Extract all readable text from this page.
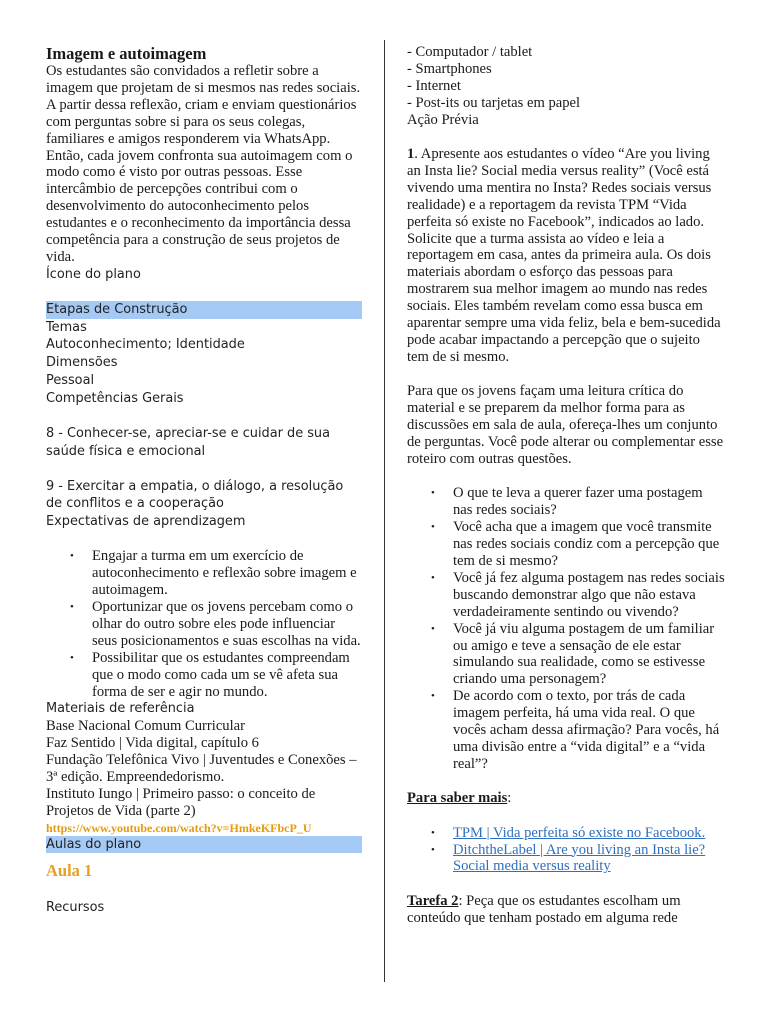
Imagem e autoimagem

Os estudantes são convidados a refletir sobre a imagem que projetam de si mesmos nas redes sociais. A partir dessa reflexão, criam e enviam questionários com perguntas sobre si para os seus colegas, familiares e amigos responderem via WhatsApp. Então, cada jovem confronta sua autoimagem com o modo como é visto por outras pessoas. Esse intercâmbio de percepções contribui com o desenvolvimento do autoconhecimento pelos estudantes e o reconhecimento da importância dessa competência para a construção de seus projetos de vida.

Ícone do plano

Etapas de Construção

Temas

Autoconhecimento; Identidade

Dimensões

Pessoal

Competências Gerais

8 - Conhecer-se, apreciar-se e cuidar de sua saúde física e emocional

9 - Exercitar a empatia, o diálogo, a resolução de conflitos e a cooperação

Expectativas de aprendizagem

• Engajar a turma em um exercício de autoconhecimento e reflexão sobre imagem e autoimagem.
• Oportunizar que os jovens percebam como o olhar do outro sobre eles pode influenciar seus posicionamentos e suas escolhas na vida.
• Possibilitar que os estudantes compreendam que o modo como cada um se vê afeta sua forma de ser e agir no mundo.

Materiais de referência

Base Nacional Comum Curricular

Faz Sentido | Vida digital, capítulo 6

Fundação Telefônica Vivo | Juventudes e Conexões – 3ª edição. Empreendedorismo.

Instituto Iungo | Primeiro passo: o conceito de Projetos de Vida (parte 2)

https://www.youtube.com/watch?v=HmkeKFbcP_U

Aulas do plano

Aula 1

Recursos

- Computador / tablet

- Smartphones

- Internet

- Post-its ou tarjetas em papel

Ação Prévia

1. Apresente aos estudantes o vídeo “Are you living an Insta lie? Social media versus reality” (Você está vivendo uma mentira no Insta? Redes sociais versus realidade) e a reportagem da revista TPM “Vida perfeita só existe no Facebook”, indicados ao lado. Solicite que a turma assista ao vídeo e leia a reportagem em casa, antes da primeira aula. Os dois materiais abordam o esforço das pessoas para mostrarem sua melhor imagem ao mundo nas redes sociais. Eles também revelam como essa busca em aparentar sempre uma vida feliz, bela e bem-sucedida pode acabar impactando a percepção que o sujeito tem de si mesmo.

Para que os jovens façam uma leitura crítica do material e se preparem da melhor forma para as discussões em sala de aula, ofereça-lhes um conjunto de perguntas. Você pode alterar ou complementar esse roteiro com outras questões.

• O que te leva a querer fazer uma postagem nas redes sociais?
• Você acha que a imagem que você transmite nas redes sociais condiz com a percepção que tem de si mesmo?
• Você já fez alguma postagem nas redes sociais buscando demonstrar algo que não estava verdadeiramente sentindo ou vivendo?
• Você já viu alguma postagem de um familiar ou amigo e teve a sensação de ele estar simulando sua realidade, como se estivesse criando uma personagem?
• De acordo com o texto, por trás de cada imagem perfeita, há uma vida real. O que vocês acham dessa afirmação? Para vocês, há uma divisão entre a “vida digital” e a “vida real”?

Para saber mais:

• TPM | Vida perfeita só existe no Facebook.
• DitchtheLabel | Are you living an Insta lie? Social media versus reality

Tarefa 2: Peça que os estudantes escolham um conteúdo que tenham postado em alguma rede
